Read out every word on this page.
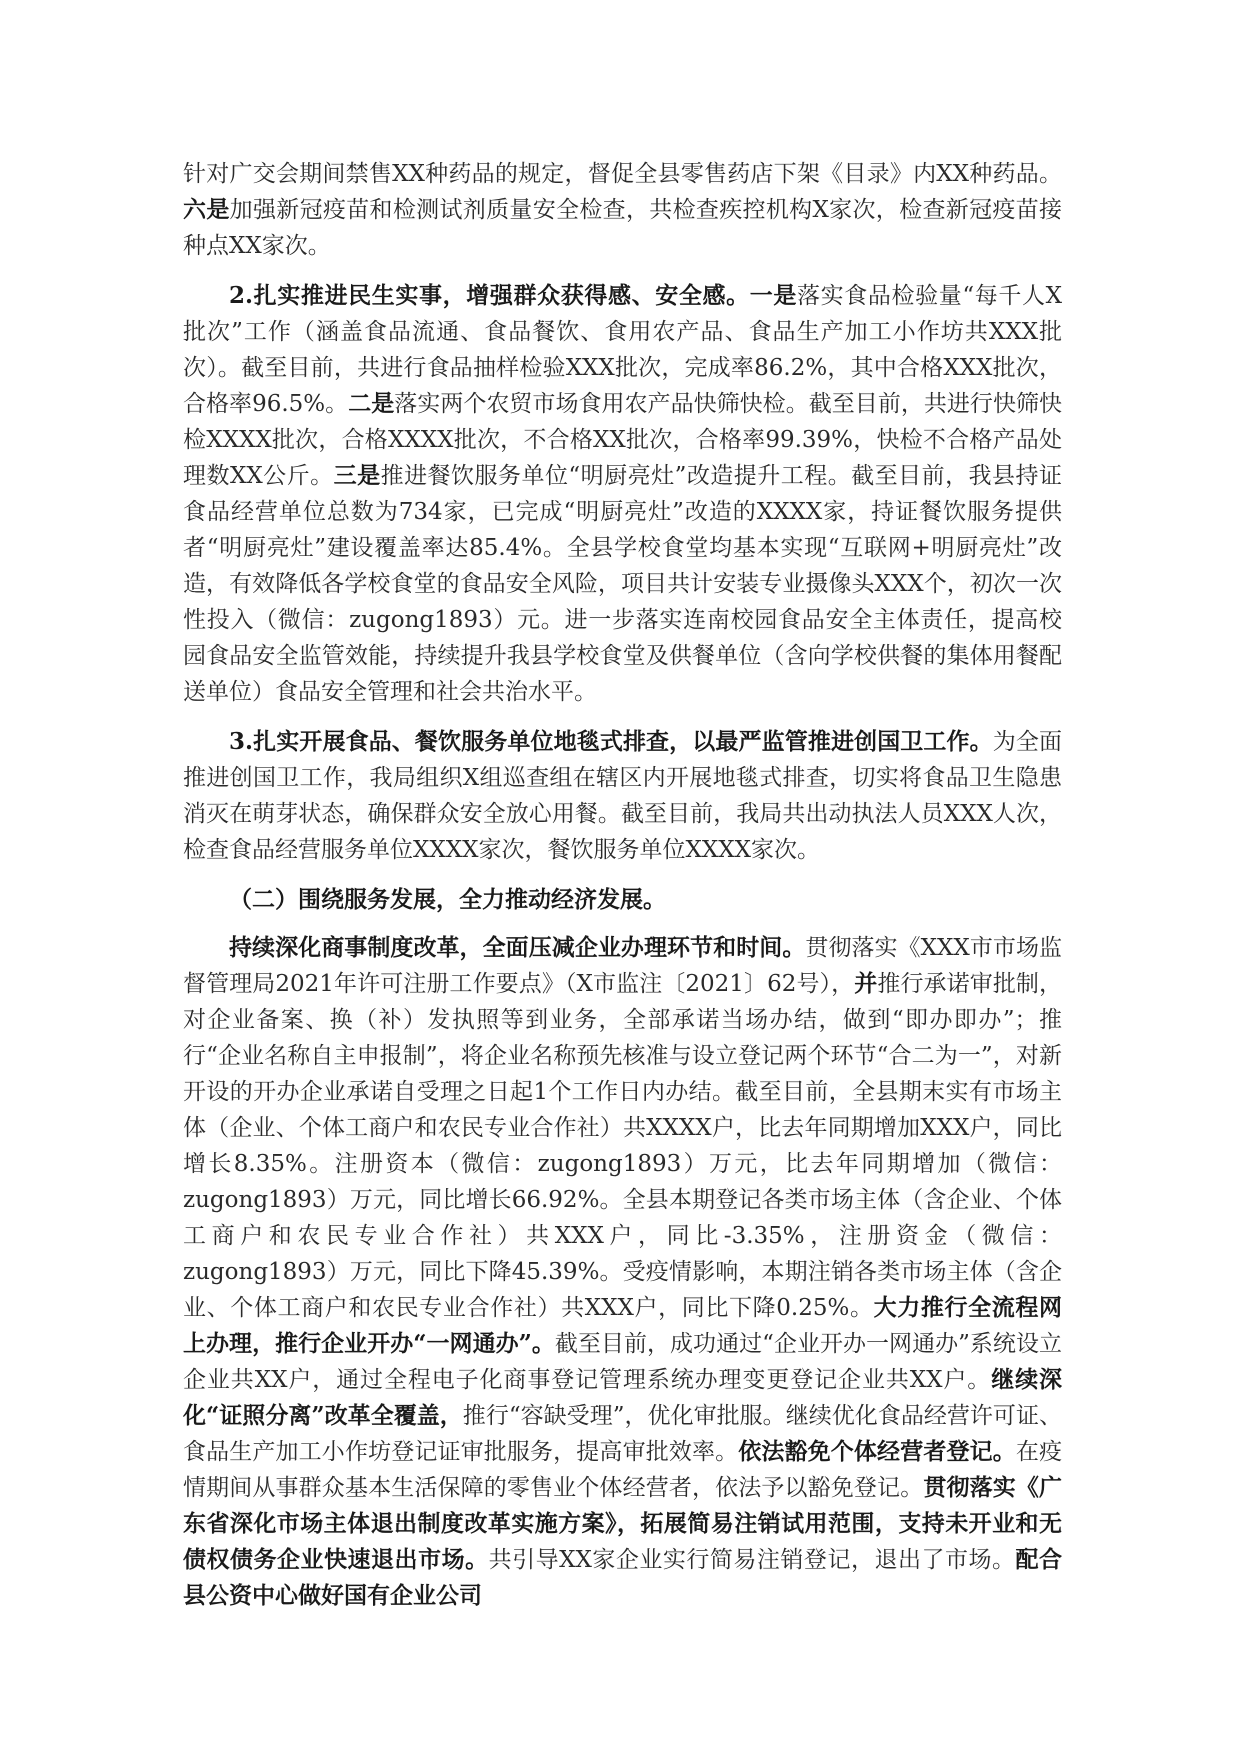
针对广交会期间禁售XX种药品的规定，督促全县零售药店下架《目录》内XX种药品。六是加强新冠疫苗和检测试剂质量安全检查，共检查疾控机构X家次，检查新冠疫苗接种点XX家次。

2.扎实推进民生实事，增强群众获得感、安全感。一是落实食品检验量“每千人X批次”工作（涵盖食品流通、食品餐饮、食用农产品、食品生产加工小作坊共XXX批次）。截至目前，共进行食品抽样检验XXX批次，完成率86.2%，其中合格XXX批次，合格率96.5%。二是落实两个农贸市场食用农产品快筛快检。截至目前，共进行快筛快检XXXX批次，合格XXXX批次，不合格XX批次，合格率99.39%，快检不合格产品处理数XX公斤。三是推进餐饮服务单位“明厨亮灶”改造提升工程。截至目前，我县持证食品经营单位总数为734家，已完成“明厨亮灶”改造的XXXX家，持证餐饮服务提供者“明厨亮灶”建设覆盖率达85.4%。全县学校食堂均基本实现“互联网+明厨亮灶”改造，有效降低各学校食堂的食品安全风险，项目共计安装专业摄像头XXX个，初次一次性投入（微信：zugong1893）元。进一步落实连南校园食品安全主体责任，提高校园食品安全监管效能，持续提升我县学校食堂及供餐单位（含向学校供餐的集体用餐配送单位）食品安全管理和社会共治水平。

3.扎实开展食品、餐饮服务单位地毯式排查，以最严监管推进创国卫工作。为全面推进创国卫工作，我局组织X组巡查组在辖区内开展地毯式排查，切实将食品卫生隐患消灭在萌芽状态，确保群众安全放心用餐。截至目前，我局共出动执法人员XXX人次，检查食品经营服务单位XXXX家次，餐饮服务单位XXXX家次。

（二）围绕服务发展，全力推动经济发展。

持续深化商事制度改革，全面压减企业办理环节和时间。贯彻落实《XXX市市场监督管理局2021年许可注册工作要点》（X市监注〔2021〕62号），并推行承诺审批制，对企业备案、换（补）发执照等到业务，全部承诺当场办结，做到“即办即办”；推行“企业名称自主申报制”，将企业名称预先核准与设立登记两个环节“合二为一”，对新开设的开办企业承诺自受理之日起1个工作日内办结。截至目前，全县期末实有市场主体（企业、个体工商户和农民专业合作社）共XXXX户，比去年同期增加XXX户，同比增长8.35%。注册资本（微信：zugong1893）万元，比去年同期增加（微信：zugong1893）万元，同比增长66.92%。全县本期登记各类市场主体（含企业、个体工商户和农民专业合作社）共XXX户，同比-3.35%，注册资金（微信：zugong1893）万元，同比下降45.39%。受疫情影响，本期注销各类市场主体（含企业、个体工商户和农民专业合作社）共XXX户，同比下降0.25%。大力推行全流程网上办理，推行企业开办“一网通办”。截至目前，成功通过“企业开办一网通办”系统设立企业共XX户，通过全程电子化商事登记管理系统办理变更登记企业共XX户。继续深化“证照分离”改革全覆盖，推行“容缺受理”，优化审批服。继续优化食品经营许可证、食品生产加工小作坊登记证审批服务，提高审批效率。依法豁免个体经营者登记。在疫情期间从事群众基本生活保障的零售业个体经营者，依法予以豁免登记。贯彻落实《广东省深化市场主体退出制度改革实施方案》，拓展简易注销试用范围，支持未开业和无债权债务企业快速退出市场。共引导XX家企业实行简易注销登记，退出了市场。配合县公资中心做好国有企业公司
